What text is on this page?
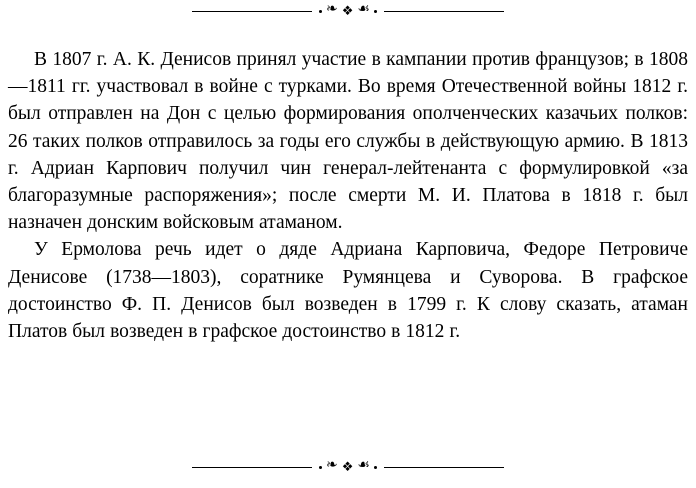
❧ ❖ ☙

В 1807 г. А. К. Денисов принял участие в кампании против французов; в 1808—1811 гг. участвовал в войне с турками. Во время Отечественной войны 1812 г. был отправлен на Дон с целью формирования ополченческих казачьих полков: 26 таких полков отправилось за годы его службы в действующую армию. В 1813 г. Адриан Карпович получил чин генерал-лейтенанта с формулировкой «за благоразумные распоряжения»; после смерти М. И. Платова в 1818 г. был назначен донским войсковым атаманом.

У Ермолова речь идет о дяде Адриана Карповича, Федоре Петровиче Денисове (1738—1803), соратнике Румянцева и Суворова. В графское достоинство Ф. П. Денисов был возведен в 1799 г. К слову сказать, атаман Платов был возведен в графское достоинство в 1812 г.

❧ ❖ ☙
